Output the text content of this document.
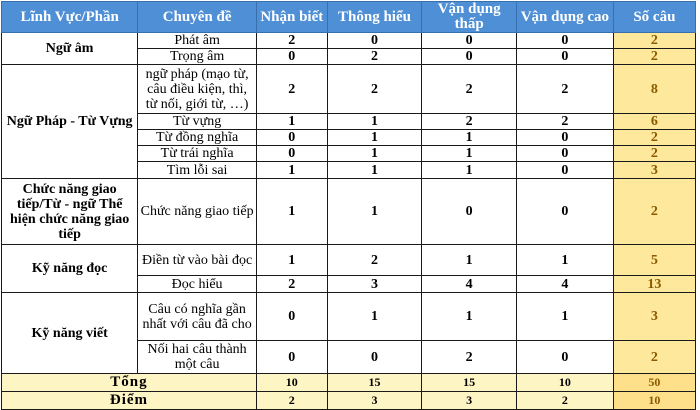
Lĩnh Vực/Phần	Chuyên đề	Nhận biết	Thông hiểu	Vận dụng thấp	Vận dụng cao	Số câu
Ngữ âm	Phát âm	2	0	0	0	2
	Trọng âm	0	2	0	0	2
Ngữ Pháp - Từ Vựng	ngữ pháp (mạo từ, câu điều kiện, thì, từ nối, giới từ, …)	2	2	2	2	8
	Từ vựng	1	1	2	2	6
	Từ đồng nghĩa	0	1	1	0	2
	Từ trái nghĩa	0	1	1	0	2
	Tìm lỗi sai	1	1	1	0	3
Chức năng giao tiếp/Từ - ngữ Thể hiện chức năng giao tiếp	Chức năng giao tiếp	1	1	0	0	2
Kỹ năng đọc	Điền từ vào bài đọc	1	2	1	1	5
	Đọc hiểu	2	3	4	4	13
Kỹ năng viết	Câu có nghĩa gần nhất với câu đã cho	0	1	1	1	3
	Nối hai câu thành một câu	0	0	2	0	2
Tổng		10	15	15	10	50
Điểm		2	3	3	2	10
